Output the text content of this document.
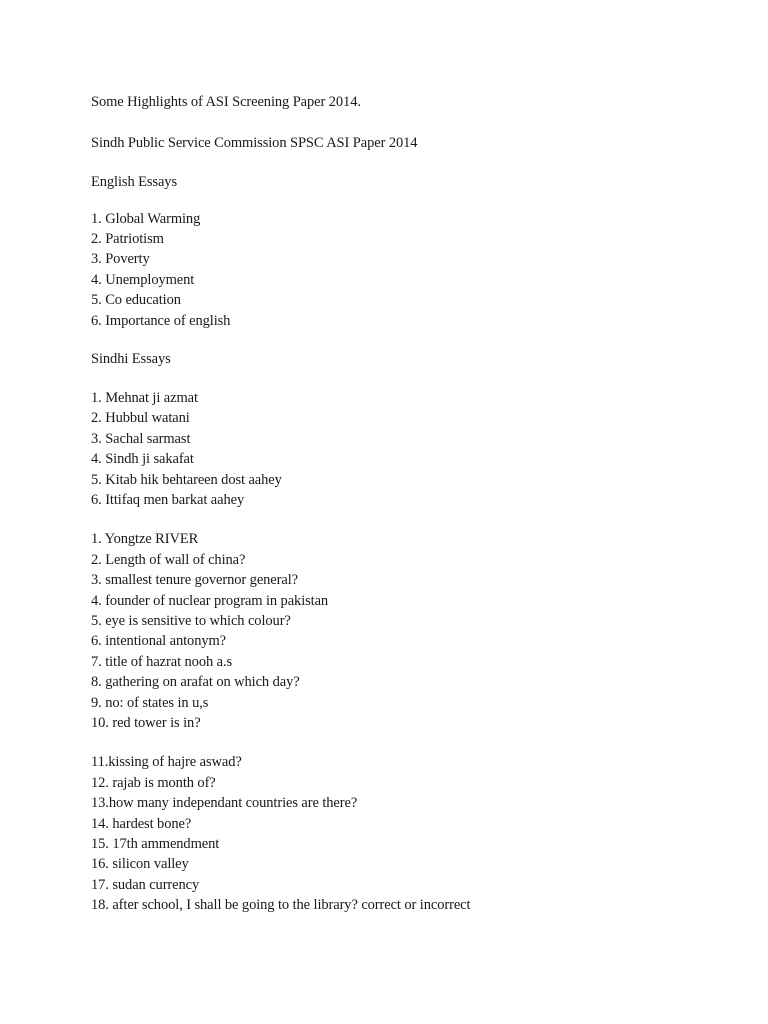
Some Highlights of ASI Screening Paper 2014.
Sindh Public Service Commission SPSC ASI Paper 2014
English Essays
1. Global Warming
2. Patriotism
3. Poverty
4. Unemployment
5. Co education
6. Importance of english
Sindhi Essays
1. Mehnat ji azmat
2. Hubbul watani
3. Sachal sarmast
4. Sindh ji sakafat
5. Kitab hik behtareen dost aahey
6. Ittifaq men barkat aahey
1. Yongtze RIVER
2. Length of wall of china?
3. smallest tenure governor general?
4. founder of nuclear program in pakistan
5. eye is sensitive to which colour?
6. intentional antonym?
7. title of hazrat nooh a.s
8. gathering on arafat on which day?
9. no: of states in u,s
10. red tower is in?
11.kissing of hajre aswad?
12. rajab is month of?
13.how many independant countries are there?
14. hardest bone?
15. 17th ammendment
16. silicon valley
17. sudan currency
18. after school, I shall be going to the library? correct or incorrect
